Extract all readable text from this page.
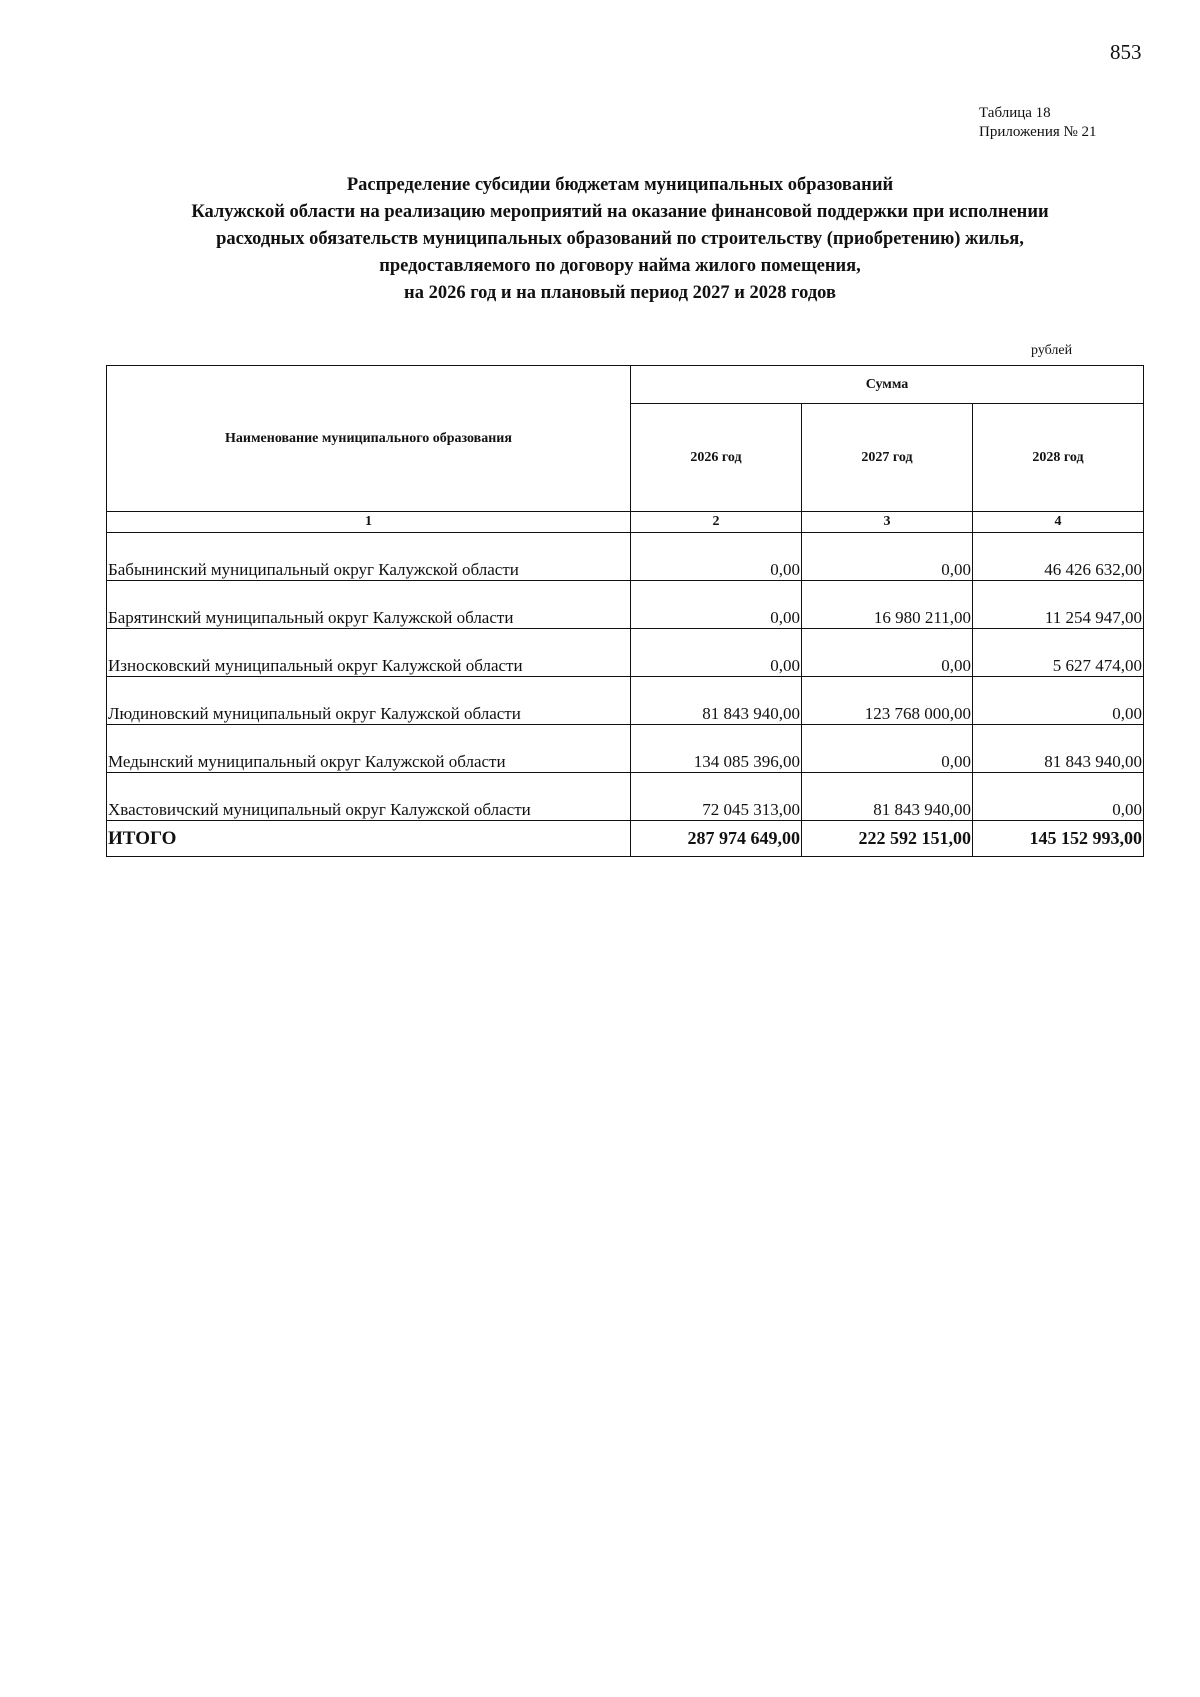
853
Таблица 18
Приложения № 21
Распределение субсидии бюджетам муниципальных образований
Калужской области на реализацию мероприятий на оказание финансовой поддержки при исполнении
расходных обязательств муниципальных образований по строительству (приобретению) жилья,
предоставляемого по договору найма жилого помещения,
на 2026 год и на плановый период 2027 и 2028 годов
рублей
Наименование муниципального образования	Сумма		
	2026 год	2027 год	2028 год
1	2	3	4
Бабынинский муниципальный округ Калужской области	0,00	0,00	46 426 632,00
Барятинский муниципальный округ Калужской области	0,00	16 980 211,00	11 254 947,00
Износковский муниципальный округ Калужской области	0,00	0,00	5 627 474,00
Людиновский муниципальный округ Калужской области	81 843 940,00	123 768 000,00	0,00
Медынский муниципальный округ Калужской области	134 085 396,00	0,00	81 843 940,00
Хвастовичский муниципальный округ Калужской области	72 045 313,00	81 843 940,00	0,00
ИТОГО	287 974 649,00	222 592 151,00	145 152 993,00
